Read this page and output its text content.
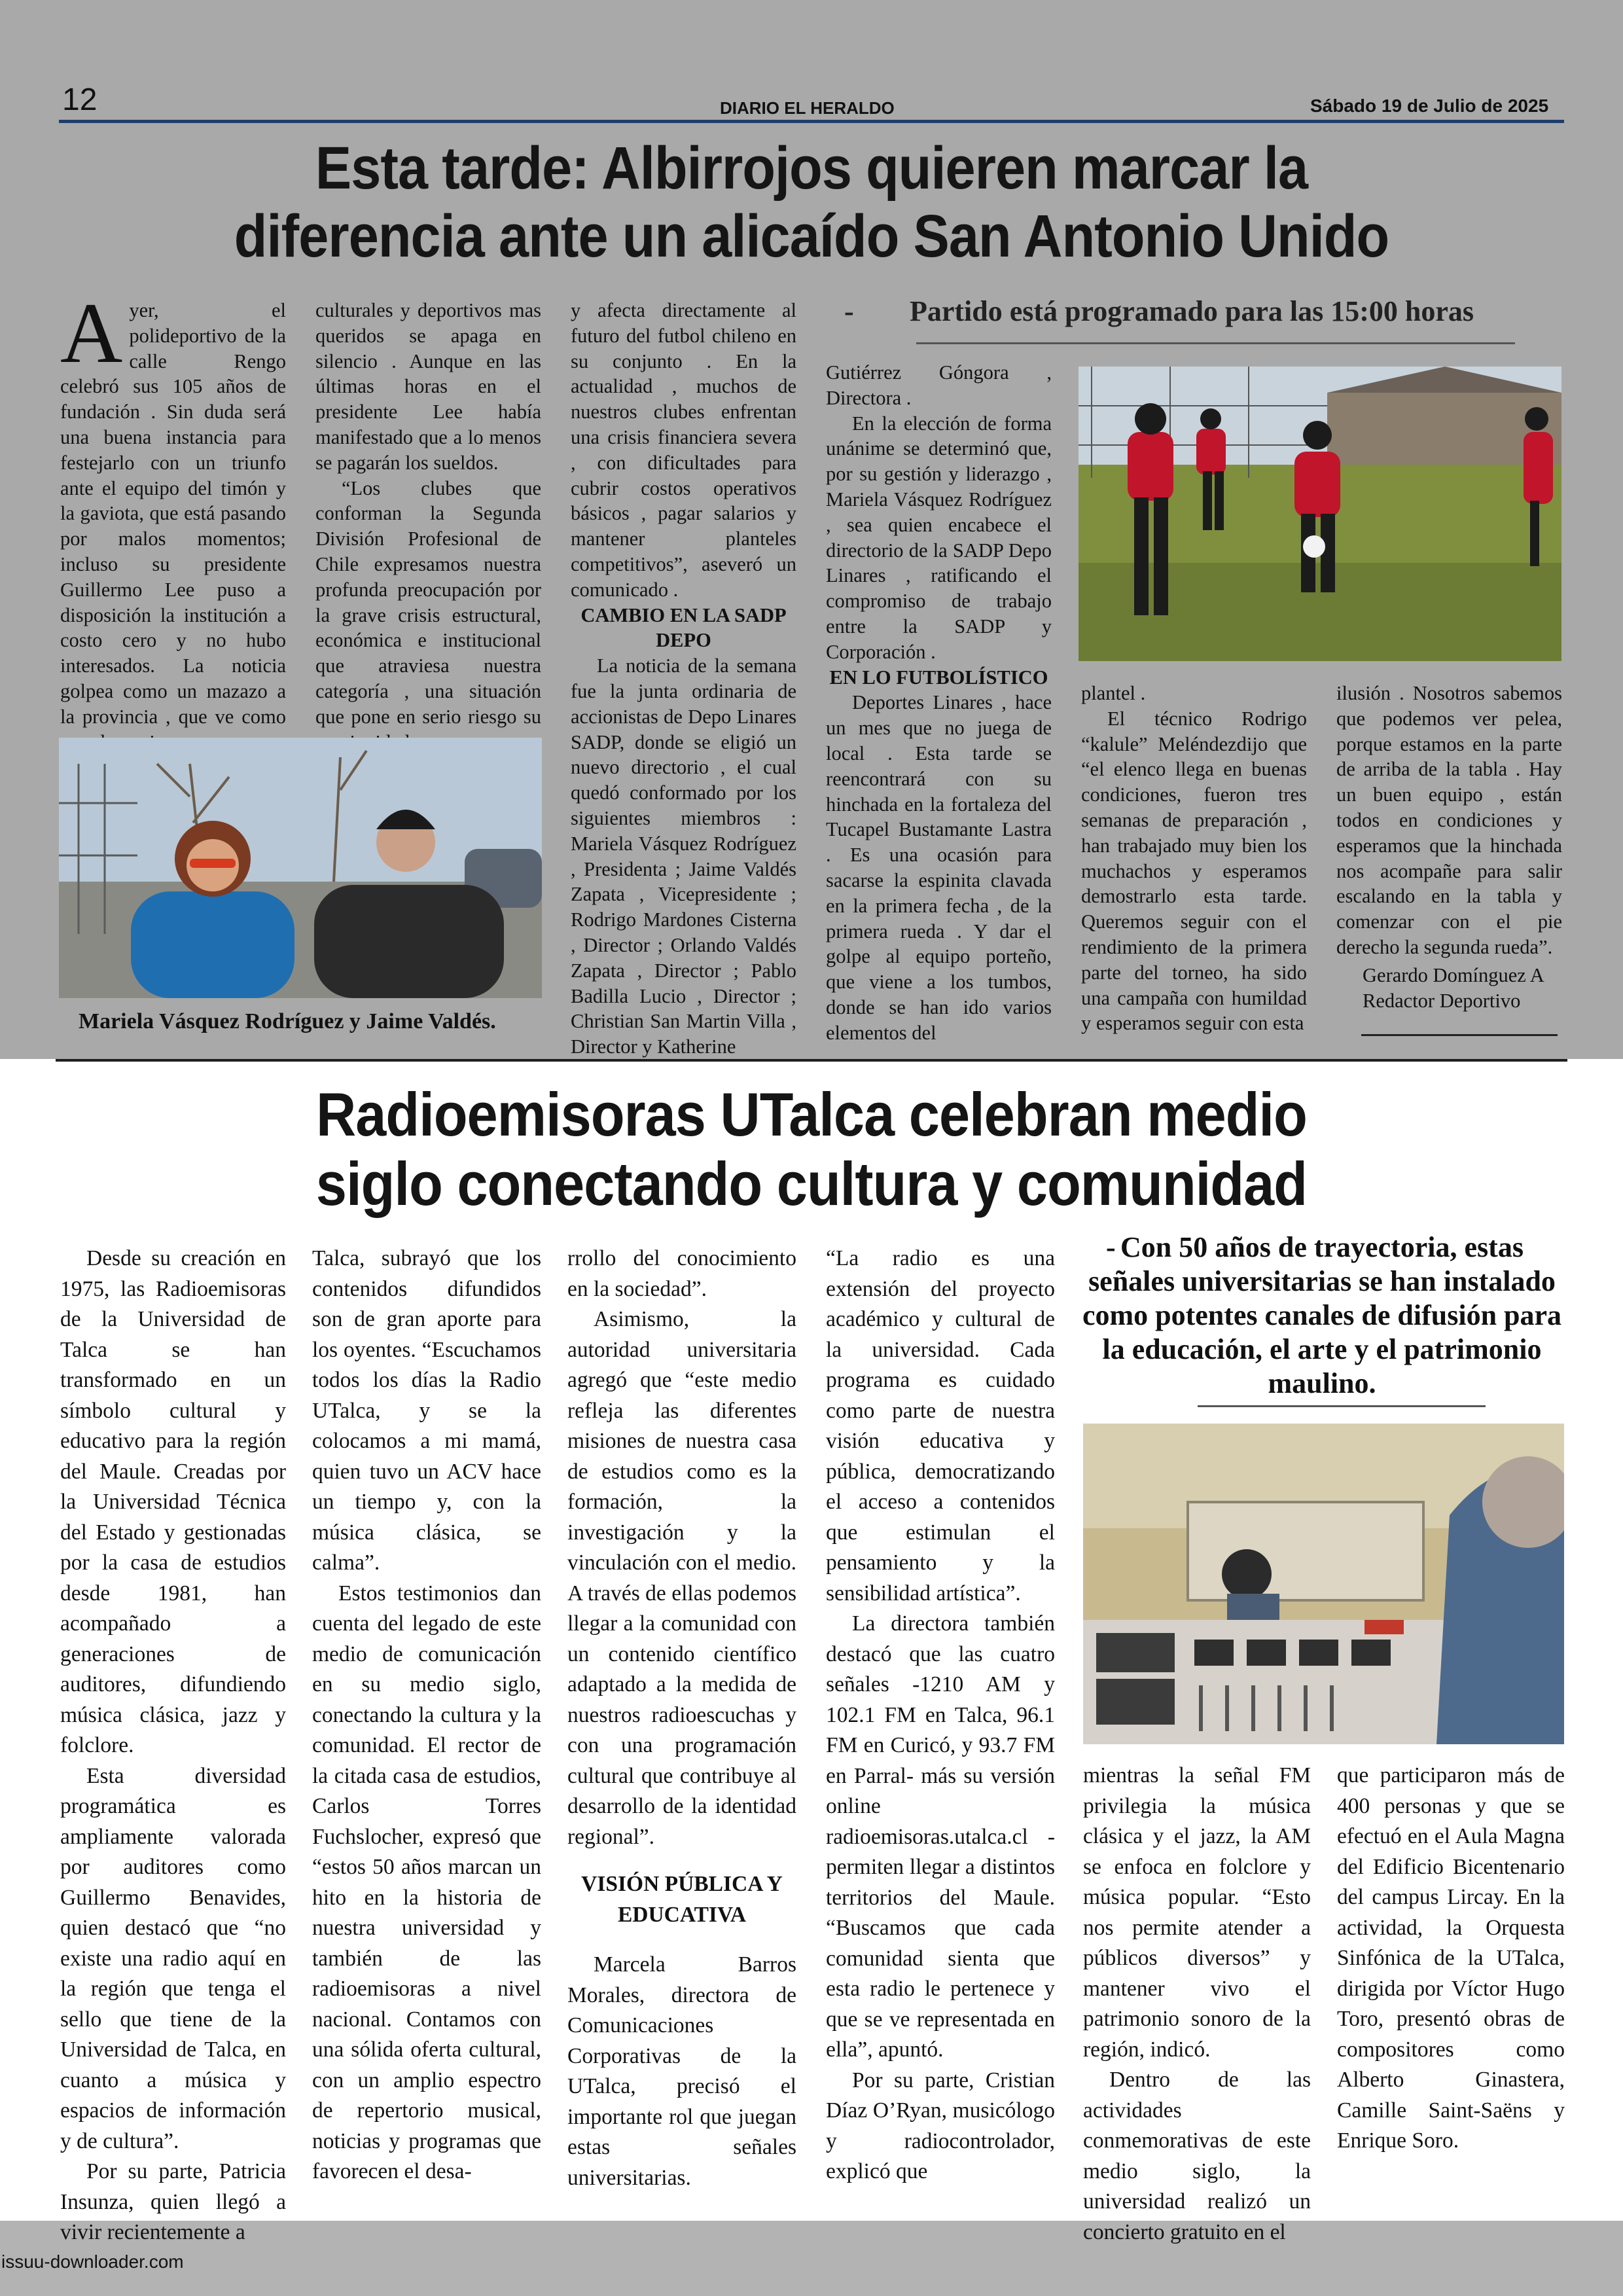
12	DIARIO EL HERALDO	Sábado 19 de Julio de 2025
Esta tarde: Albirrojos quieren marcar la
diferencia ante un alicaído San Antonio Unido
- Partido está programado para las 15:00 horas

Ayer, el polideportivo de la calle Rengo celebró sus 105 años de fundación . Sin duda será una buena instancia para festejarlo con un triunfo ante el equipo del timón y la gaviota, que está pasando por malos momentos; incluso su presidente Guillermo Lee puso a disposición la institución a costo cero y no hubo interesados. La noticia golpea como un mazazo a la provincia , que ve como

culturales y deportivos mas queridos se apaga en silencio . Aunque en las últimas horas en el presidente Lee había manifestado que a lo menos se pagarán los sueldos.

“Los clubes que conforman la Segunda División Profesional de Chile expresamos nuestra profunda preocupación por la grave crisis estructural, económica e institucional que atraviesa nuestra categoría , una situación que pone en serio riesgo su

y afecta directamente al futuro del futbol chileno en su conjunto . En la actualidad , muchos de nuestros clubes enfrentan una crisis financiera severa , con dificultades para cubrir costos operativos básicos , pagar salarios y mantener planteles competitivos”, aseveró un comunicado .

CAMBIO EN LA SADP DEPO

La noticia de la semana fue la junta ordinaria de accionistas de Depo Linares SADP, donde se eligió un nuevo directorio , el cual quedó conformado por los siguientes miembros : Mariela Vásquez Rodríguez , Presidenta ; Jaime Valdés Zapata , Vicepresidente ; Rodrigo Mardones Cisterna , Director ; Orlando Valdés Zapata , Director ; Pablo Badilla Lucio , Director ; Christian San Martin Villa , Director y Katherine

Gutiérrez Góngora , Directora .

En la elección de forma unánime se determinó que, por su gestión y liderazgo , Mariela Vásquez Rodríguez , sea quien encabece el directorio de la SADP Depo Linares , ratificando el compromiso de trabajo entre la SADP y Corporación .

EN LO FUTBOLÍSTICO

Deportes Linares , hace un mes que no juega de local . Esta tarde se reencontrará con su hinchada en la fortaleza del Tucapel Bustamante Lastra . Es una ocasión para sacarse la espinita clavada en la primera fecha , de la primera rueda . Y dar el golpe al equipo porteño, que viene a los tumbos, donde se han ido varios elementos del

plantel .

El técnico Rodrigo “kalule” Meléndezdijo que “el elenco llega en buenas condiciones, fueron tres semanas de preparación , han trabajado muy bien los muchachos y esperamos demostrarlo esta tarde. Queremos seguir con el rendimiento de la primera parte del torneo, ha sido una campaña con humildad y esperamos seguir con esta

ilusión . Nosotros sabemos que podemos ver pelea, porque estamos en la parte de arriba de la tabla . Hay un buen equipo , están todos en condiciones y esperamos que la hinchada nos acompañe para salir escalando en la tabla y comenzar con el pie derecho la segunda rueda”.

Gerardo Domínguez A

Redactor Deportivo

Mariela Vásquez Rodríguez y Jaime Valdés.
Radioemisoras UTalca celebran medio
siglo conectando cultura y comunidad
- Con 50 años de trayectoria, estas señales universitarias se han instalado como potentes canales de difusión para la educación, el arte y el patrimonio maulino.

Desde su creación en 1975, las Radioemisoras de la Universidad de Talca se han transformado en un símbolo cultural y educativo para la región del Maule. Creadas por la Universidad Técnica del Estado y gestionadas por la casa de estudios desde 1981, han acompañado a generaciones de auditores, difundiendo música clásica, jazz y folclore.

Esta diversidad programática es ampliamente valorada por auditores como Guillermo Benavides, quien destacó que “no existe una radio aquí en la región que tenga el sello que tiene de la Universidad de Talca, en cuanto a música y espacios de información y de cultura”.

Por su parte, Patricia Insunza, quien llegó a vivir recientemente a

Talca, subrayó que los contenidos difundidos son de gran aporte para los oyentes. “Escuchamos todos los días la Radio UTalca, y se la colocamos a mi mamá, quien tuvo un ACV hace un tiempo y, con la música clásica, se calma”.

Estos testimonios dan cuenta del legado de este medio de comunicación en su medio siglo, conectando la cultura y la comunidad. El rector de la citada casa de estudios, Carlos Torres Fuchslocher, expresó que “estos 50 años marcan un hito en la historia de nuestra universidad y también de las radioemisoras a nivel nacional. Contamos con una sólida oferta cultural, con un amplio espectro de repertorio musical, noticias y programas que favorecen el desa-

rrollo del conocimiento en la sociedad”.

Asimismo, la autoridad universitaria agregó que “este medio refleja las diferentes misiones de nuestra casa de estudios como es la formación, la investigación y la vinculación con el medio. A través de ellas podemos llegar a la comunidad con un contenido científico adaptado a la medida de nuestros radioescuchas y con una programación cultural que contribuye al desarrollo de la identidad regional”.

VISIÓN PÚBLICA Y EDUCATIVA

Marcela Barros Morales, directora de Comunicaciones Corporativas de la UTalca, precisó el importante rol que juegan estas señales universitarias.

“La radio es una extensión del proyecto académico y cultural de la universidad. Cada programa es cuidado como parte de nuestra visión educativa y pública, democratizando el acceso a contenidos que estimulan el pensamiento y la sensibilidad artística”.

La directora también destacó que las cuatro señales -1210 AM y 102.1 FM en Talca, 96.1 FM en Curicó, y 93.7 FM en Parral- más su versión online radioemisoras.utalca.cl - permiten llegar a distintos territorios del Maule. “Buscamos que cada comunidad sienta que esta radio le pertenece y que se ve representada en ella”, apuntó.

Por su parte, Cristian Díaz O’Ryan, musicólogo y radiocontrolador, explicó que

mientras la señal FM privilegia la música clásica y el jazz, la AM se enfoca en folclore y música popular. “Esto nos permite atender a públicos diversos” y mantener vivo el patrimonio sonoro de la región, indicó.

Dentro de las actividades conmemorativas de este medio siglo, la universidad realizó un concierto gratuito en el

que participaron más de 400 personas y que se efectuó en el Aula Magna del Edificio Bicentenario del campus Lircay. En la actividad, la Orquesta Sinfónica de la UTalca, dirigida por Víctor Hugo Toro, presentó obras de compositores como Alberto Ginastera, Camille Saint-Saëns y Enrique Soro.

issuu-downloader.com
